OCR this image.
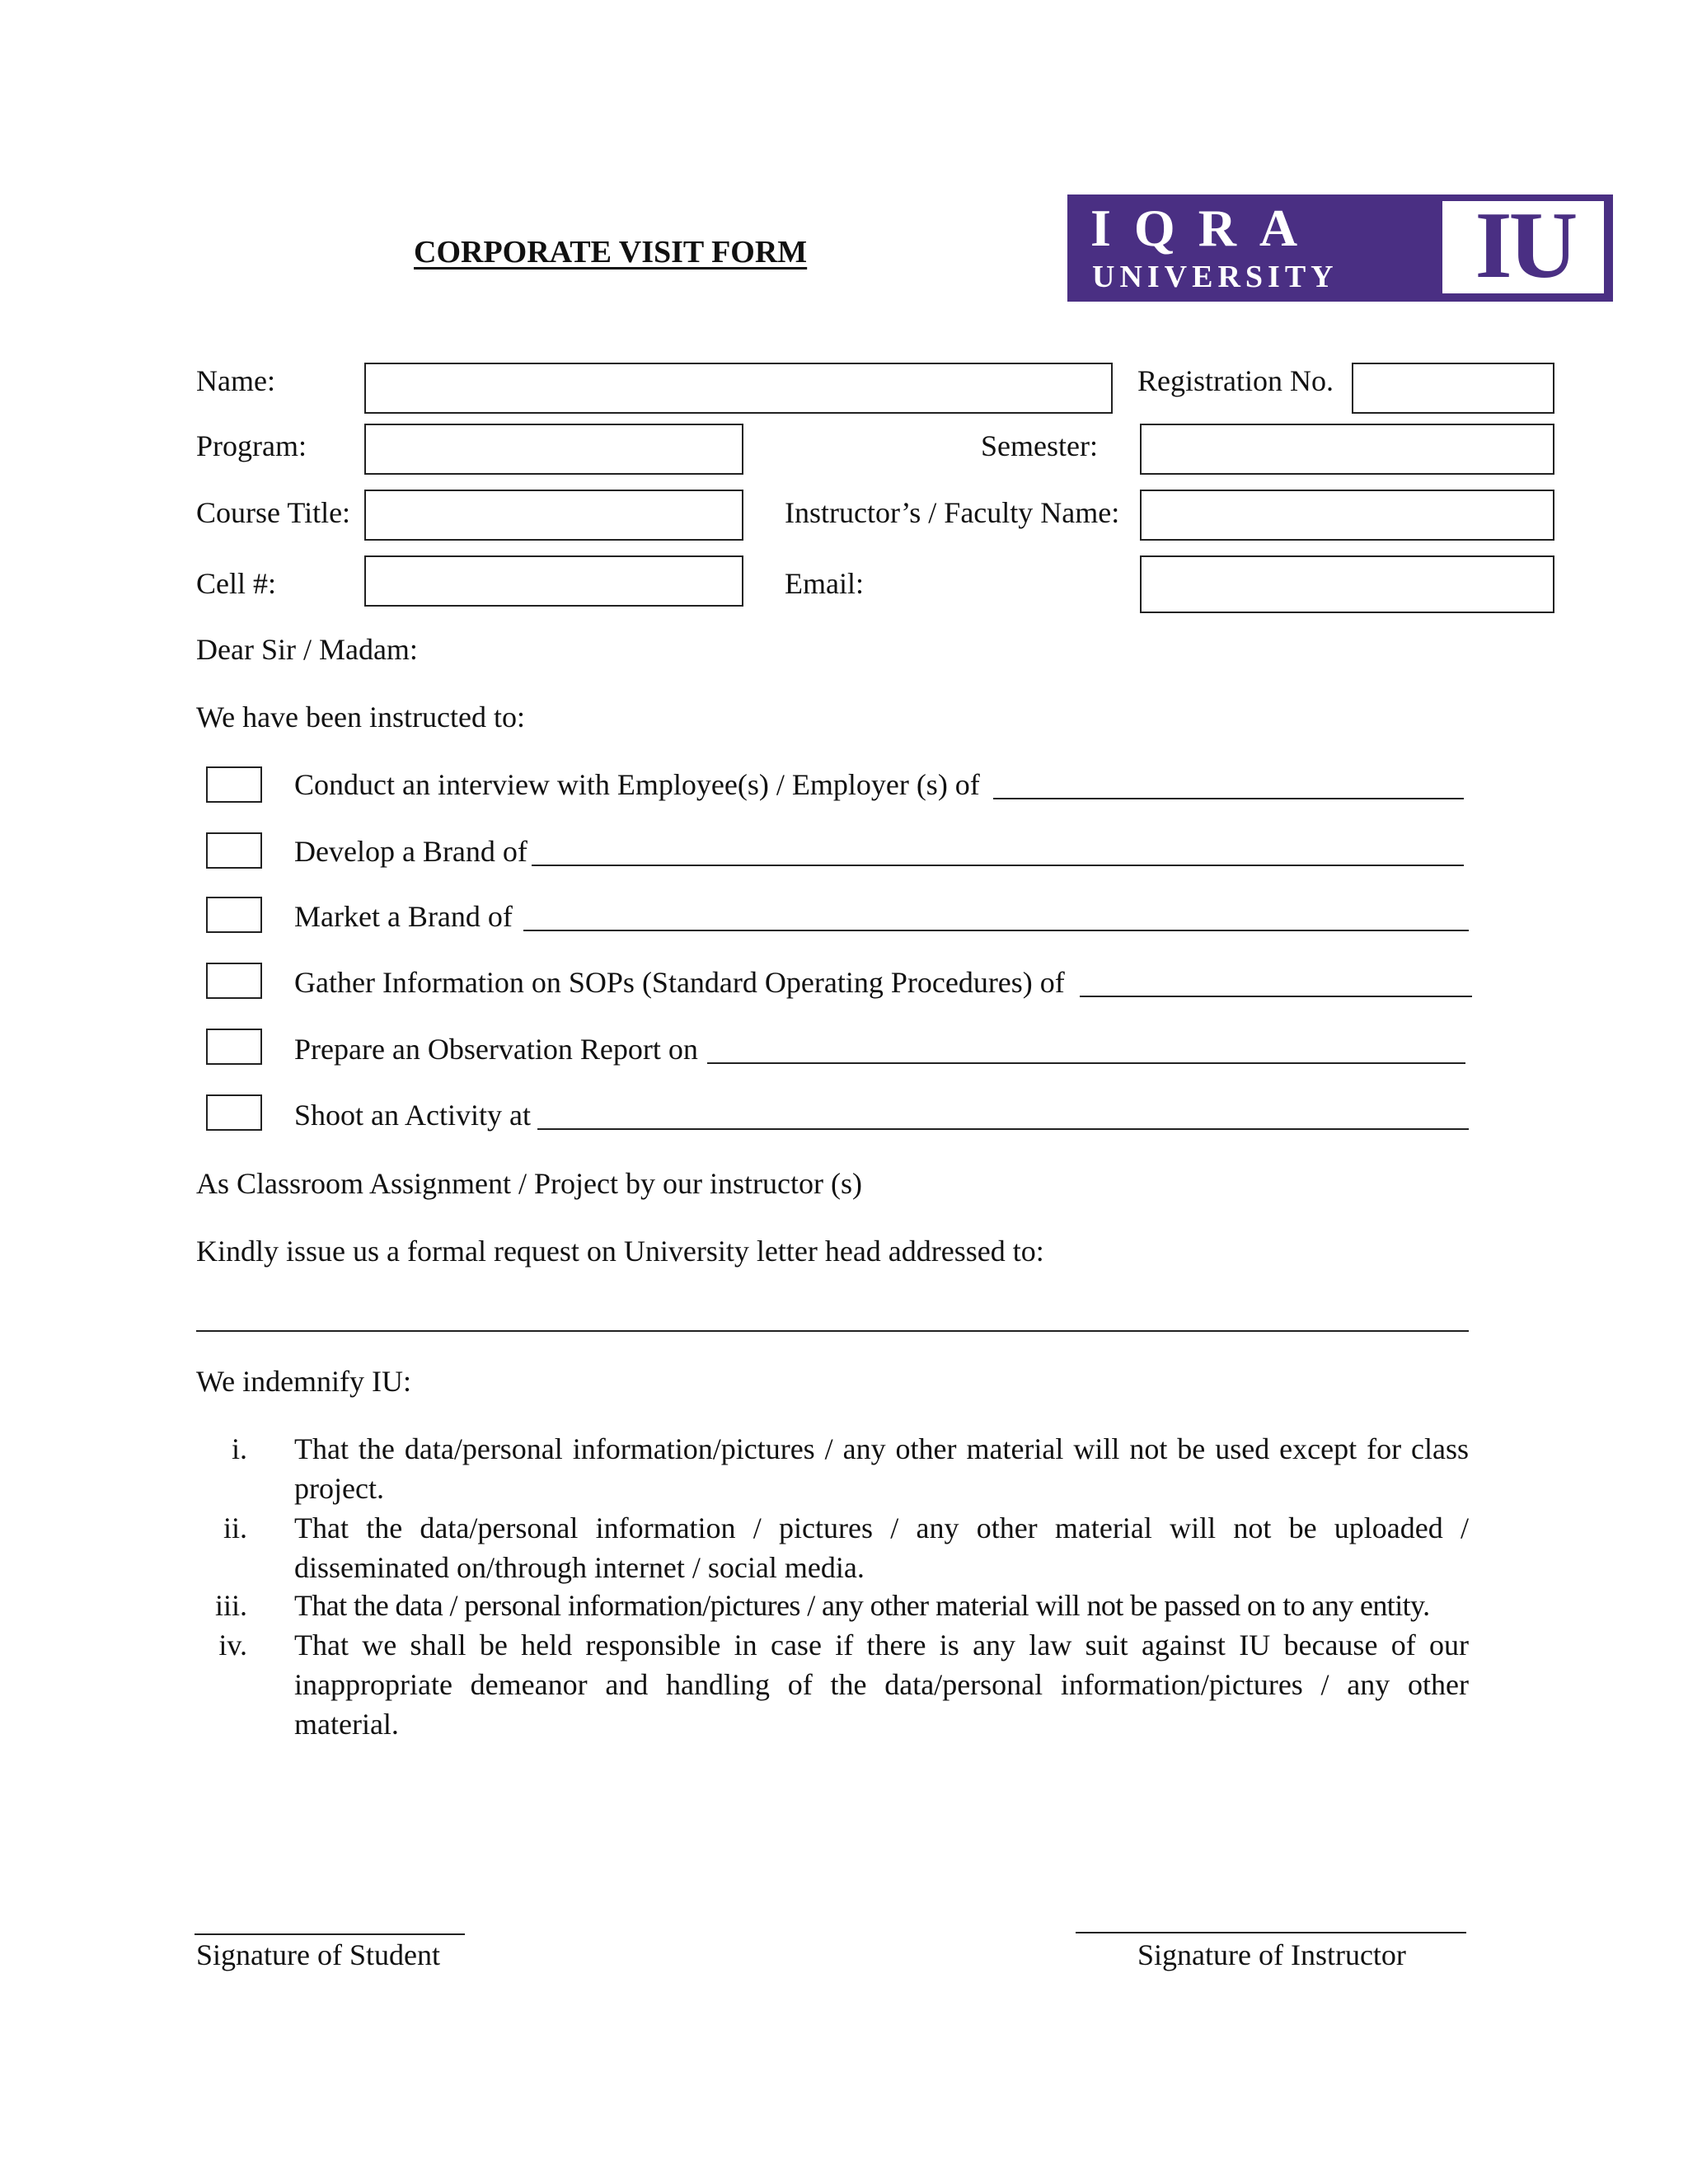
CORPORATE VISIT FORM	IQRA
UNIVERSITY IU
Name:	Registration No.
Program:	Semester:
Course Title:	Instructor’s / Faculty Name:
Cell #:	Email:
Dear Sir / Madam:
We have been instructed to:
Conduct an interview with Employee(s) / Employer (s) of
Develop a Brand of
Market a Brand of
Gather Information on SOPs (Standard Operating Procedures) of
Prepare an Observation Report on
Shoot an Activity at
As Classroom Assignment / Project by our instructor (s)
Kindly issue us a formal request on University letter head addressed to:
We indemnify IU:
i. That the data/personal information/pictures / any other material will not be used except for class project.
ii. That the data/personal information / pictures / any other material will not be uploaded / disseminated on/through internet / social media.
iii. That the data / personal information/pictures / any other material will not be passed on to any entity.
iv. That we shall be held responsible in case if there is any law suit against IU because of our inappropriate demeanor and handling of the data/personal information/pictures / any other material.
Signature of Student	Signature of Instructor
